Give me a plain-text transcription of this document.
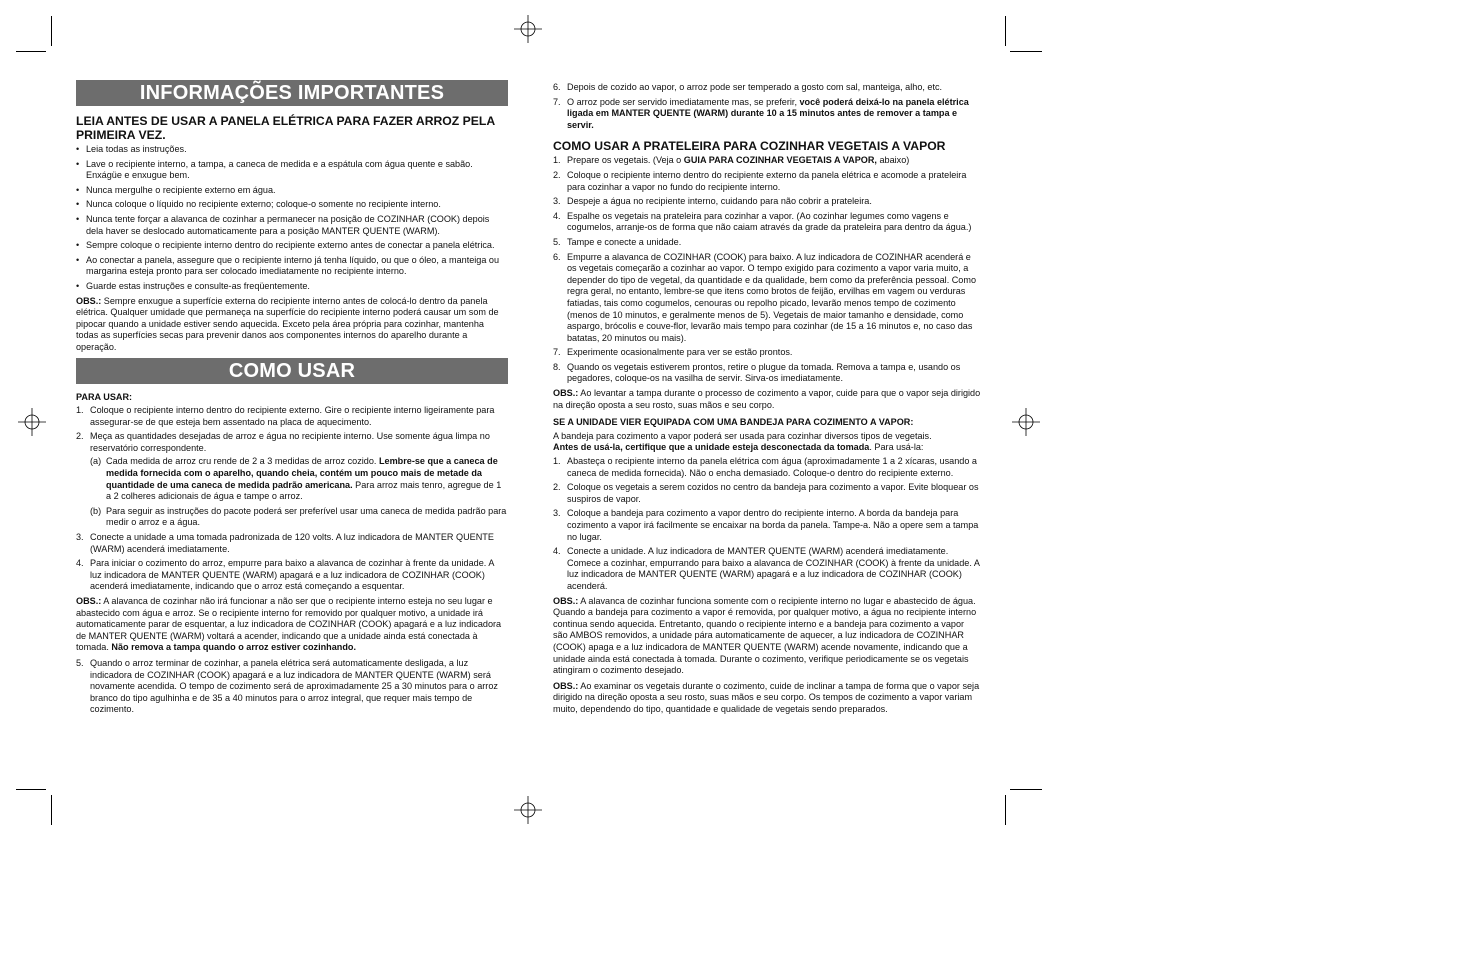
INFORMAÇÕES IMPORTANTES
LEIA ANTES DE USAR A PANELA ELÉTRICA PARA FAZER ARROZ PELA PRIMEIRA VEZ.
• Leia todas as instruções.
• Lave o recipiente interno, a tampa, a caneca de medida e a espátula com água quente e sabão. Enxágüe e enxugue bem.
• Nunca mergulhe o recipiente externo em água.
• Nunca coloque o líquido no recipiente externo; coloque-o somente no recipiente interno.
• Nunca tente forçar a alavanca de cozinhar a permanecer na posição de COZINHAR (COOK) depois dela haver se deslocado automaticamente para a posição MANTER QUENTE (WARM).
• Sempre coloque o recipiente interno dentro do recipiente externo antes de conectar a panela elétrica.
• Ao conectar a panela, assegure que o recipiente interno já tenha líquido, ou que o óleo, a manteiga ou margarina esteja pronto para ser colocado imediatamente no recipiente interno.
• Guarde estas instruções e consulte-as freqüentemente.

OBS.: Sempre enxugue a superfície externa do recipiente interno antes de colocá-lo dentro da panela elétrica. Qualquer umidade que permaneça na superfície do recipiente interno poderá causar um som de pipocar quando a unidade estiver sendo aquecida. Exceto pela área própria para cozinhar, mantenha todas as superfícies secas para prevenir danos aos componentes internos do aparelho durante a operação.

COMO USAR
PARA USAR:
1. Coloque o recipiente interno dentro do recipiente externo. Gire o recipiente interno ligeiramente para assegurar-se de que esteja bem assentado na placa de aquecimento.
2. Meça as quantidades desejadas de arroz e água no recipiente interno. Use somente água limpa no reservatório correspondente.
(a) Cada medida de arroz cru rende de 2 a 3 medidas de arroz cozido. Lembre-se que a caneca de medida fornecida com o aparelho, quando cheia, contém um pouco mais de metade da quantidade de uma caneca de medida padrão americana. Para arroz mais tenro, agregue de 1 a 2 colheres adicionais de água e tampe o arroz.
(b) Para seguir as instruções do pacote poderá ser preferível usar uma caneca de medida padrão para medir o arroz e a água.
3. Conecte a unidade a uma tomada padronizada de 120 volts. A luz indicadora de MANTER QUENTE (WARM) acenderá imediatamente.
4. Para iniciar o cozimento do arroz, empurre para baixo a alavanca de cozinhar à frente da unidade. A luz indicadora de MANTER QUENTE (WARM) apagará e a luz indicadora de COZINHAR (COOK) acenderá imediatamente, indicando que o arroz está começando a esquentar.

OBS.: A alavanca de cozinhar não irá funcionar a não ser que o recipiente interno esteja no seu lugar e abastecido com água e arroz. Se o recipiente interno for removido por qualquer motivo, a unidade irá automaticamente parar de esquentar, a luz indicadora de COZINHAR (COOK) apagará e a luz indicadora de MANTER QUENTE (WARM) voltará a acender, indicando que a unidade ainda está conectada à tomada. Não remova a tampa quando o arroz estiver cozinhando.

5. Quando o arroz terminar de cozinhar, a panela elétrica será automaticamente desligada, a luz indicadora de COZINHAR (COOK) apagará e a luz indicadora de MANTER QUENTE (WARM) será novamente acendida. O tempo de cozimento será de aproximadamente 25 a 30 minutos para o arroz branco do tipo agulhinha e de 35 a 40 minutos para o arroz integral, que requer mais tempo de cozimento.
6. Depois de cozido ao vapor, o arroz pode ser temperado a gosto com sal, manteiga, alho, etc.
7. O arroz pode ser servido imediatamente mas, se preferir, você poderá deixá-lo na panela elétrica ligada em MANTER QUENTE (WARM) durante 10 a 15 minutos antes de remover a tampa e servir.
COMO USAR A PRATELEIRA PARA COZINHAR VEGETAIS A VAPOR
1. Prepare os vegetais. (Veja o GUIA PARA COZINHAR VEGETAIS A VAPOR, abaixo)
2. Coloque o recipiente interno dentro do recipiente externo da panela elétrica e acomode a prateleira para cozinhar a vapor no fundo do recipiente interno.
3. Despeje a água no recipiente interno, cuidando para não cobrir a prateleira.
4. Espalhe os vegetais na prateleira para cozinhar a vapor. (Ao cozinhar legumes como vagens e cogumelos, arranje-os de forma que não caiam através da grade da prateleira para dentro da água.)
5. Tampe e conecte a unidade.
6. Empurre a alavanca de COZINHAR (COOK) para baixo. A luz indicadora de COZINHAR acenderá e os vegetais começarão a cozinhar ao vapor. O tempo exigido para cozimento a vapor varia muito, a depender do tipo de vegetal, da quantidade e da qualidade, bem como da preferência pessoal. Como regra geral, no entanto, lembre-se que itens como brotos de feijão, ervilhas em vagem ou verduras fatiadas, tais como cogumelos, cenouras ou repolho picado, levarão menos tempo de cozimento (menos de 10 minutos, e geralmente menos de 5). Vegetais de maior tamanho e densidade, como aspargo, brócolis e couve-flor, levarão mais tempo para cozinhar (de 15 a 16 minutos e, no caso das batatas, 20 minutos ou mais).
7. Experimente ocasionalmente para ver se estão prontos.
8. Quando os vegetais estiverem prontos, retire o plugue da tomada. Remova a tampa e, usando os pegadores, coloque-os na vasilha de servir. Sirva-os imediatamente.

OBS.: Ao levantar a tampa durante o processo de cozimento a vapor, cuide para que o vapor seja dirigido na direção oposta a seu rosto, suas mãos e seu corpo.

SE A UNIDADE VIER EQUIPADA COM UMA BANDEJA PARA COZIMENTO A VAPOR:

A bandeja para cozimento a vapor poderá ser usada para cozinhar diversos tipos de vegetais.
Antes de usá-la, certifique que a unidade esteja desconectada da tomada. Para usá-la:

1. Abasteça o recipiente interno da panela elétrica com água (aproximadamente 1 a 2 xícaras, usando a caneca de medida fornecida). Não o encha demasiado. Coloque-o dentro do recipiente externo.
2. Coloque os vegetais a serem cozidos no centro da bandeja para cozimento a vapor. Evite bloquear os suspiros de vapor.
3. Coloque a bandeja para cozimento a vapor dentro do recipiente interno. A borda da bandeja para cozimento a vapor irá facilmente se encaixar na borda da panela. Tampe-a. Não a opere sem a tampa no lugar.
4. Conecte a unidade. A luz indicadora de MANTER QUENTE (WARM) acenderá imediatamente. Comece a cozinhar, empurrando para baixo a alavanca de COZINHAR (COOK) à frente da unidade. A luz indicadora de MANTER QUENTE (WARM) apagará e a luz indicadora de COZINHAR (COOK) acenderá.

OBS.: A alavanca de cozinhar funciona somente com o recipiente interno no lugar e abastecido de água. Quando a bandeja para cozimento a vapor é removida, por qualquer motivo, a água no recipiente interno continua sendo aquecida. Entretanto, quando o recipiente interno e a bandeja para cozimento a vapor são AMBOS removidos, a unidade pára automaticamente de aquecer, a luz indicadora de COZINHAR (COOK) apaga e a luz indicadora de MANTER QUENTE (WARM) acende novamente, indicando que a unidade ainda está conectada à tomada. Durante o cozimento, verifique periodicamente se os vegetais atingiram o cozimento desejado.

OBS.: Ao examinar os vegetais durante o cozimento, cuide de inclinar a tampa de forma que o vapor seja dirigido na direção oposta a seu rosto, suas mãos e seu corpo. Os tempos de cozimento a vapor variam muito, dependendo do tipo, quantidade e qualidade de vegetais sendo preparados.
